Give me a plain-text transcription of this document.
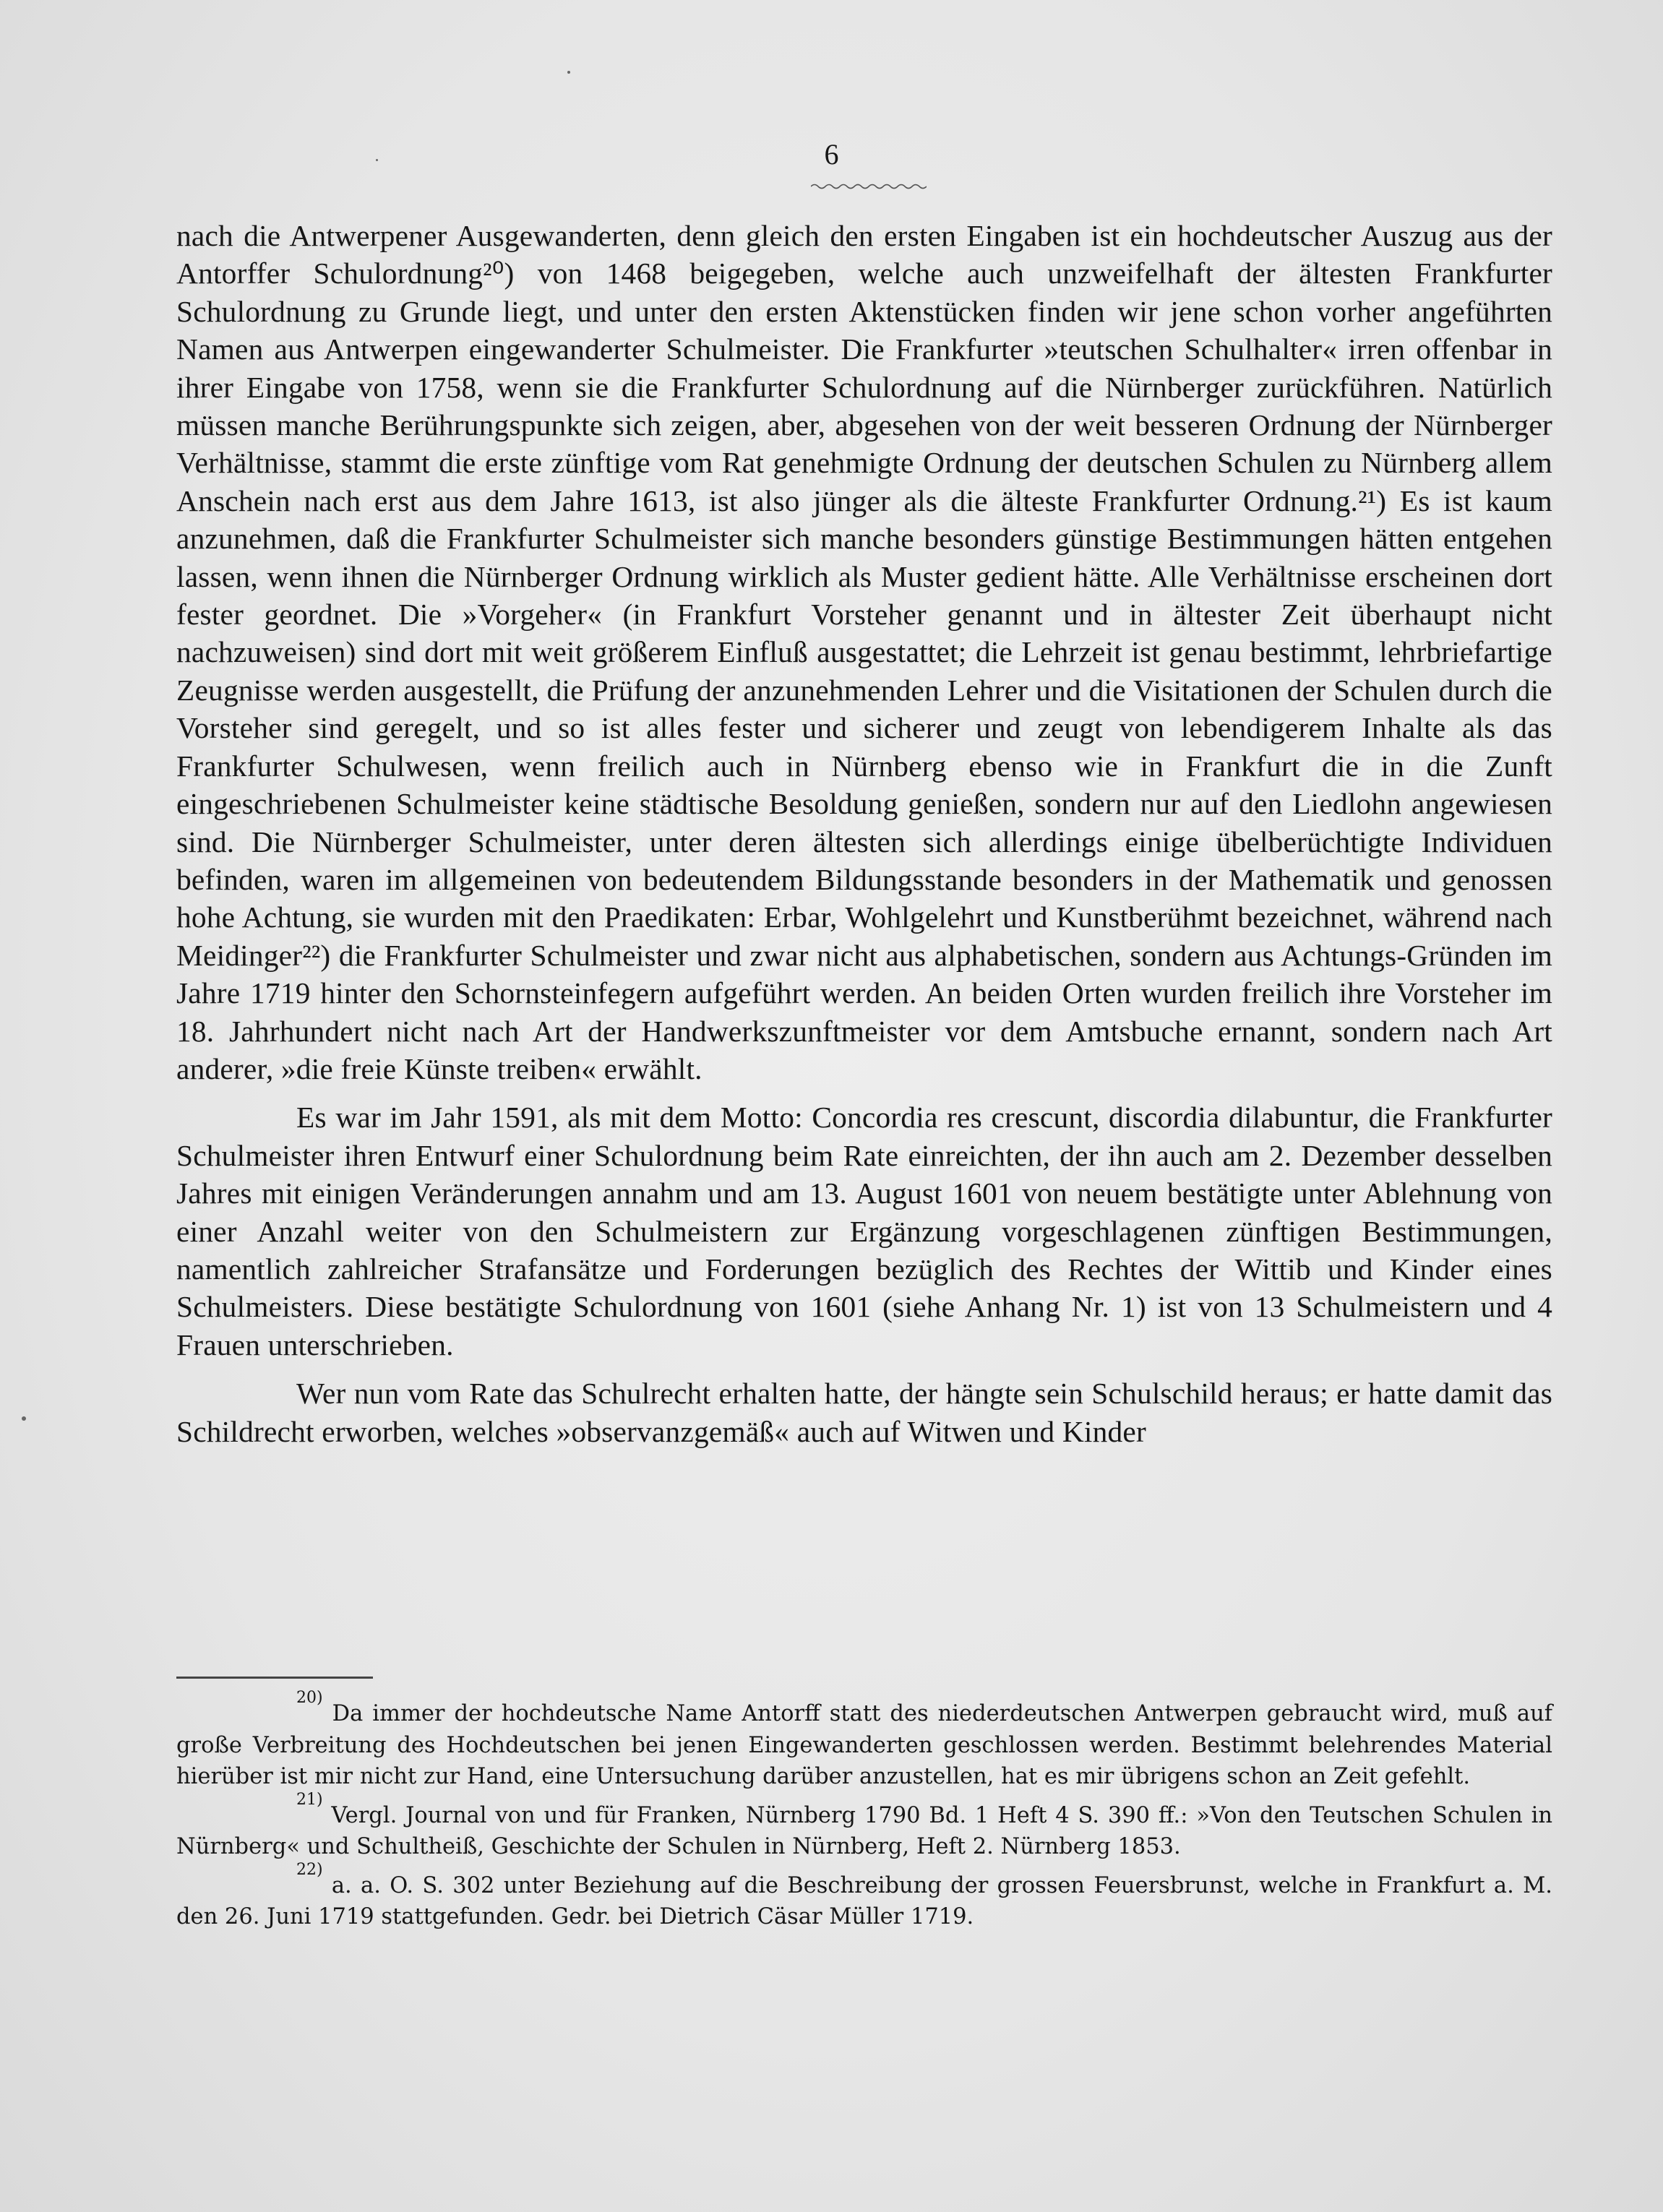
6

nach die Antwerpener Ausgewanderten, denn gleich den ersten Eingaben ist ein hochdeutscher Auszug aus der Antorffer Schulordnung²⁰) von 1468 beigegeben, welche auch unzweifelhaft der ältesten Frankfurter Schulordnung zu Grunde liegt, und unter den ersten Aktenstücken finden wir jene schon vorher angeführten Namen aus Antwerpen eingewanderter Schulmeister. Die Frankfurter »teutschen Schulhalter« irren offenbar in ihrer Eingabe von 1758, wenn sie die Frankfurter Schulordnung auf die Nürnberger zurückführen. Natürlich müssen manche Berührungspunkte sich zeigen, aber, abgesehen von der weit besseren Ordnung der Nürnberger Verhältnisse, stammt die erste zünftige vom Rat genehmigte Ordnung der deutschen Schulen zu Nürnberg allem Anschein nach erst aus dem Jahre 1613, ist also jünger als die älteste Frankfurter Ordnung.²¹) Es ist kaum anzunehmen, daß die Frankfurter Schulmeister sich manche besonders günstige Bestimmungen hätten entgehen lassen, wenn ihnen die Nürnberger Ordnung wirklich als Muster gedient hätte. Alle Verhältnisse erscheinen dort fester geordnet. Die »Vorgeher« (in Frankfurt Vorsteher genannt und in ältester Zeit überhaupt nicht nachzuweisen) sind dort mit weit größerem Einfluß ausgestattet; die Lehrzeit ist genau bestimmt, lehrbriefartige Zeugnisse werden ausgestellt, die Prüfung der anzunehmenden Lehrer und die Visitationen der Schulen durch die Vorsteher sind geregelt, und so ist alles fester und sicherer und zeugt von lebendigerem Inhalte als das Frankfurter Schulwesen, wenn freilich auch in Nürnberg ebenso wie in Frankfurt die in die Zunft eingeschriebenen Schulmeister keine städtische Besoldung genießen, sondern nur auf den Liedlohn angewiesen sind. Die Nürnberger Schulmeister, unter deren ältesten sich allerdings einige übelberüchtigte Individuen befinden, waren im allgemeinen von bedeutendem Bildungsstande besonders in der Mathematik und genossen hohe Achtung, sie wurden mit den Praedikaten: Erbar, Wohlgelehrt und Kunstberühmt bezeichnet, während nach Meidinger²²) die Frankfurter Schulmeister und zwar nicht aus alphabetischen, sondern aus Achtungs-Gründen im Jahre 1719 hinter den Schornsteinfegern aufgeführt werden. An beiden Orten wurden freilich ihre Vorsteher im 18. Jahrhundert nicht nach Art der Handwerkszunftmeister vor dem Amtsbuche ernannt, sondern nach Art anderer, »die freie Künste treiben« erwählt.

Es war im Jahr 1591, als mit dem Motto: Concordia res crescunt, discordia dilabuntur, die Frankfurter Schulmeister ihren Entwurf einer Schulordnung beim Rate einreichten, der ihn auch am 2. Dezember desselben Jahres mit einigen Veränderungen annahm und am 13. August 1601 von neuem bestätigte unter Ablehnung von einer Anzahl weiter von den Schulmeistern zur Ergänzung vorgeschlagenen zünftigen Bestimmungen, namentlich zahlreicher Strafansätze und Forderungen bezüglich des Rechtes der Wittib und Kinder eines Schulmeisters. Diese bestätigte Schulordnung von 1601 (siehe Anhang Nr. 1) ist von 13 Schulmeistern und 4 Frauen unterschrieben.

Wer nun vom Rate das Schulrecht erhalten hatte, der hängte sein Schulschild heraus; er hatte damit das Schildrecht erworben, welches »observanzgemäß« auch auf Witwen und Kinder

$^{20)}$ Da immer der hochdeutsche Name Antorff statt des niederdeutschen Antwerpen gebraucht wird, muß auf große Verbreitung des Hochdeutschen bei jenen Eingewanderten geschlossen werden. Bestimmt belehrendes Material hierüber ist mir nicht zur Hand, eine Untersuchung darüber anzustellen, hat es mir übrigens schon an Zeit gefehlt.

$^{21)}$ Vergl. Journal von und für Franken, Nürnberg 1790 Bd. 1 Heft 4 S. 390 ff.: »Von den Teutschen Schulen in Nürnberg« und Schultheiß, Geschichte der Schulen in Nürnberg, Heft 2. Nürnberg 1853.

$^{22)}$ a. a. O. S. 302 unter Beziehung auf die Beschreibung der grossen Feuersbrunst, welche in Frankfurt a. M. den 26. Juni 1719 stattgefunden. Gedr. bei Dietrich Cäsar Müller 1719.
